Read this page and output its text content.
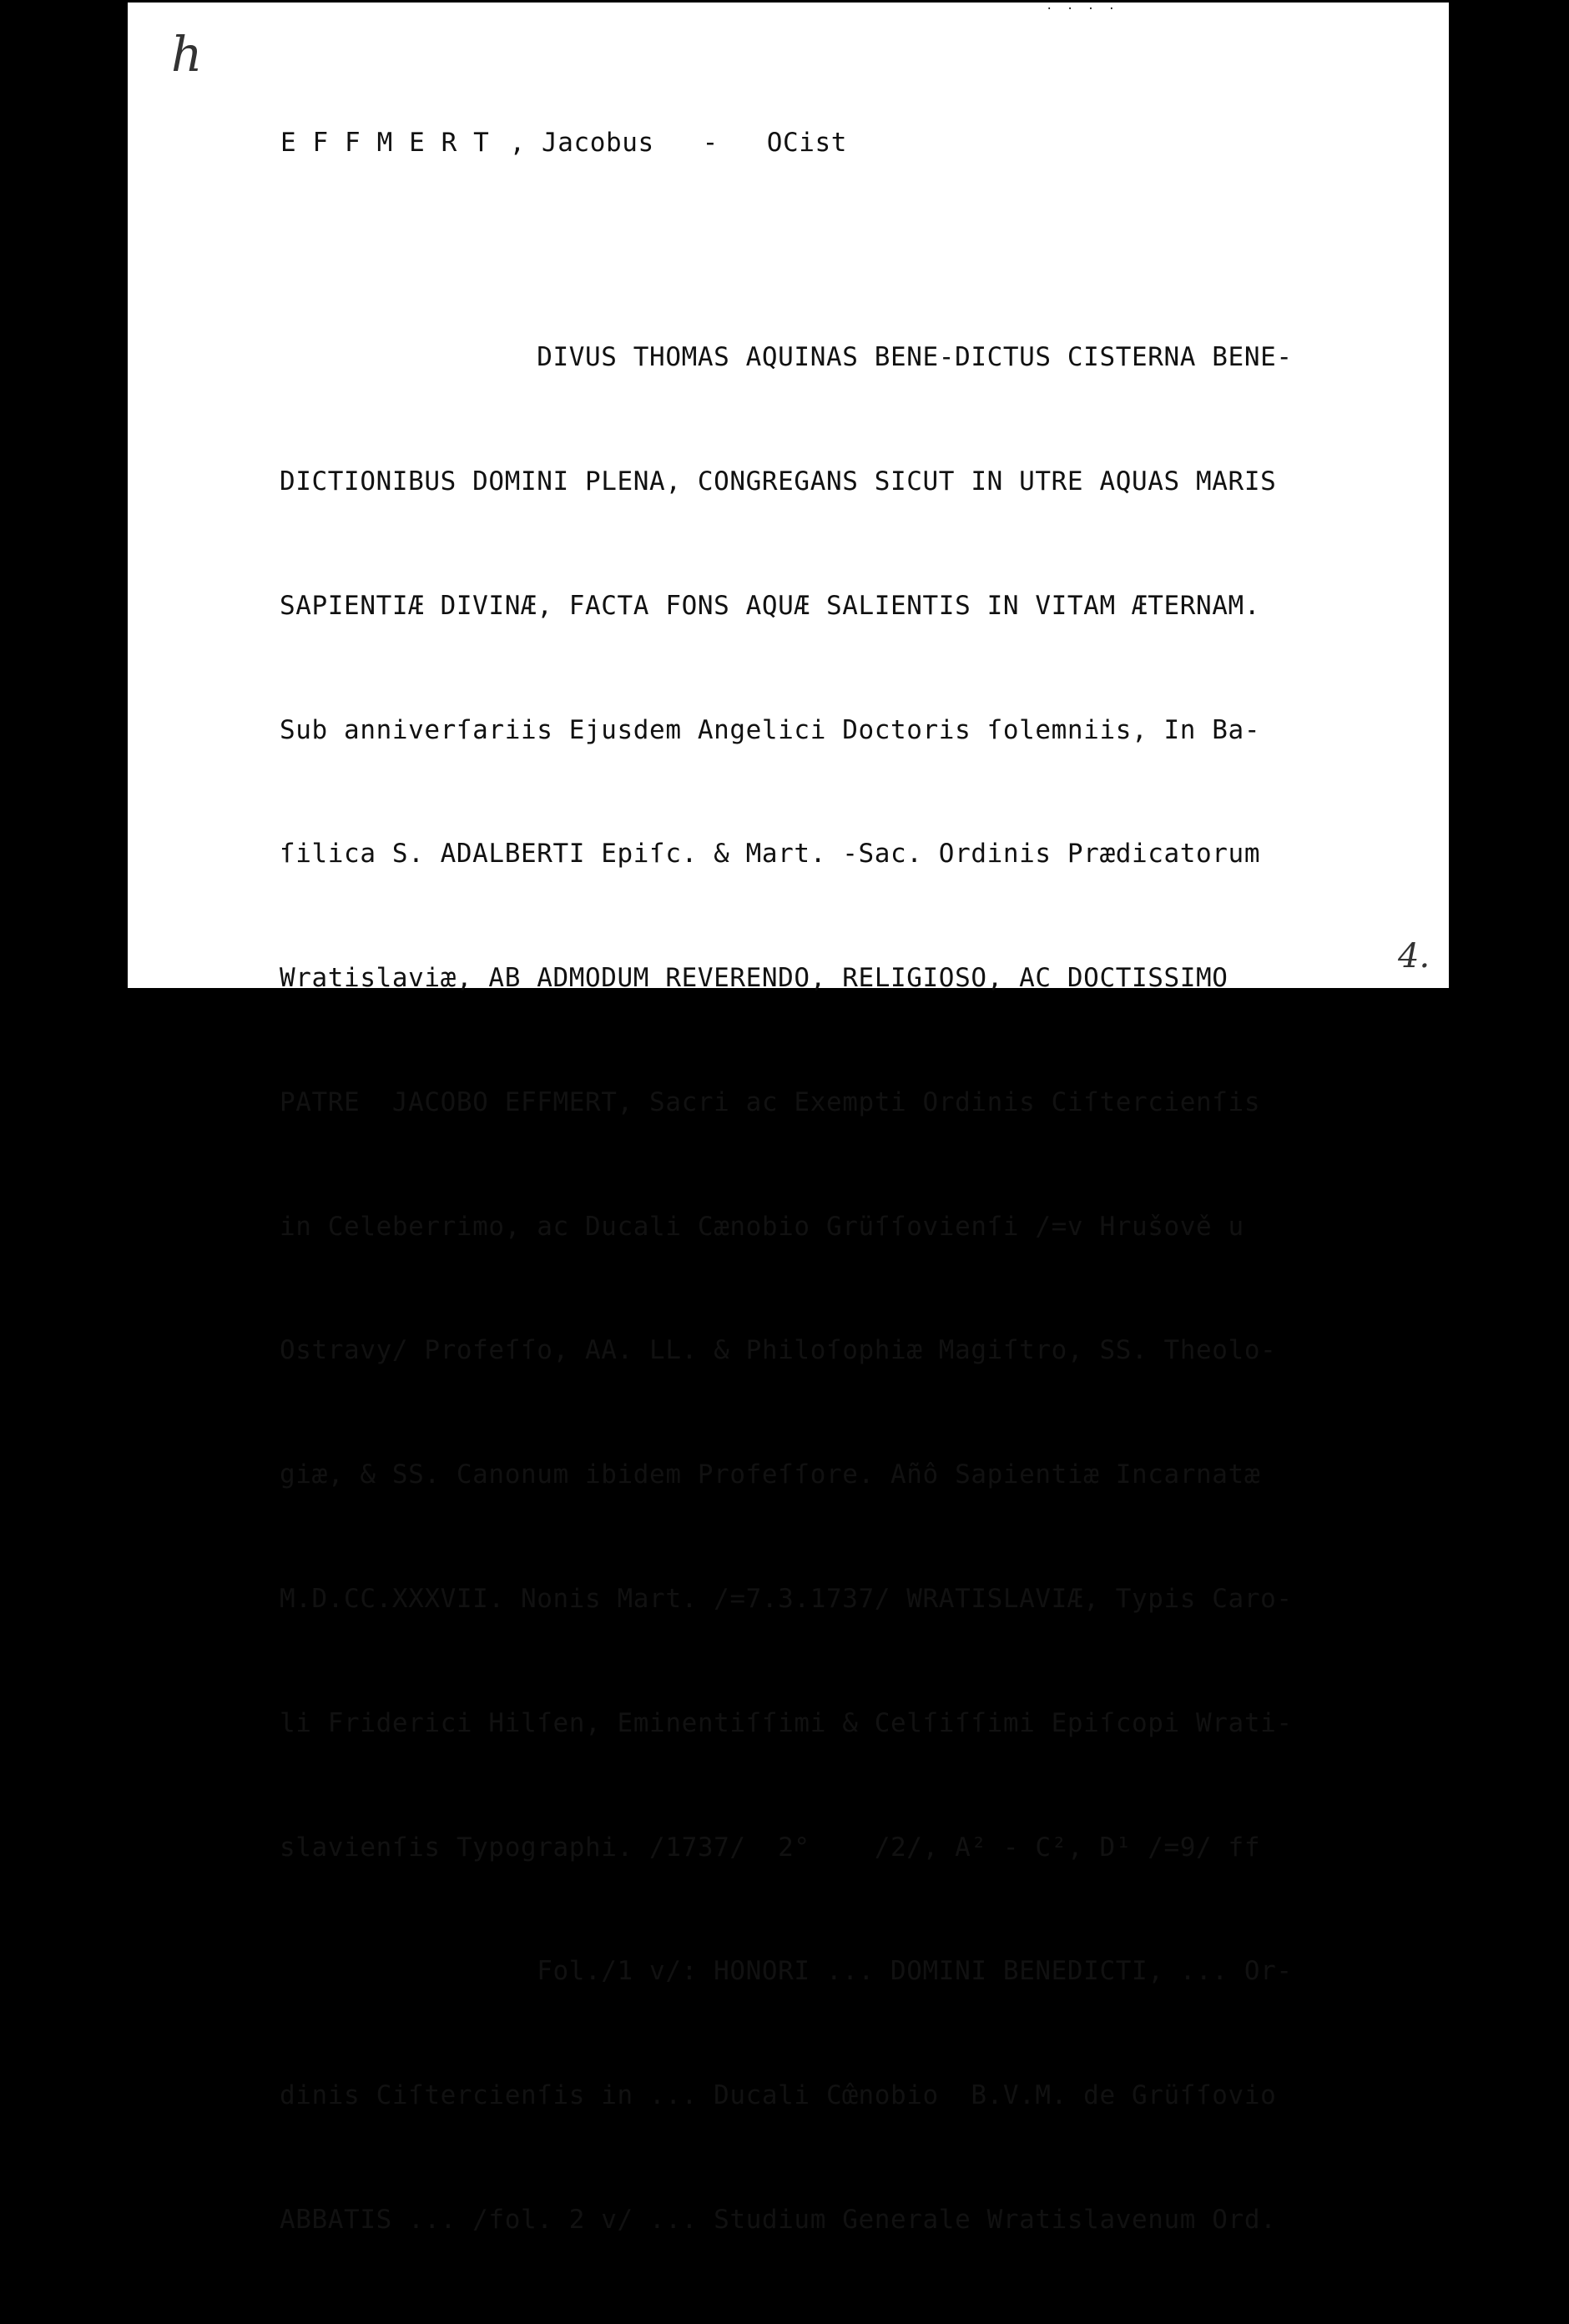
· · · ·
h
E F F M E R T , Jacobus - OCist

DIVUS THOMAS AQUINAS BENE-DICTUS CISTERNA BENE-

DICTIONIBUS DOMINI PLENA, CONGREGANS SICUT IN UTRE AQUAS MARIS

SAPIENTIÆ DIVINÆ, FACTA FONS AQUÆ SALIENTIS IN VITAM ÆTERNAM.

Sub anniverſariis Ejusdem Angelici Doctoris ſolemniis, In Ba-

ſilica S. ADALBERTI Epiſc. & Mart. -Sac. Ordinis Prædicatorum

Wratislaviæ, AB ADMODUM REVERENDO, RELIGIOSO, AC DOCTISSIMO

PATRE  JACOBO EFFMERT, Sacri ac Exempti Ordinis Ciſtercienſis

in Celeberrimo, ac Ducali Cænobio Grüſſovienſi /=v Hrušově u

Ostravy/ Profeſſo, AA. LL. & Philoſophiæ Magiſtro, SS. Theolo-

giæ, & SS. Canonum ibidem Profeſſore. Añô Sapientiæ Incarnatæ

M.D.CC.XXXVII. Nonis Mart. /=7.3.1737/ WRATISLAVIÆ, Typis Caro-

li Friderici Hilſen, Eminentiſſimi & Celſiſſimi Epiſcopi Wrati-

slavienſis Typographi. /1737/  2°    /2/, A² - C², D¹ /=9/ ff

Fol./1 v/: HONORI ... DOMINI BENEDICTI, ... Or-

dinis Ciſtercienſis in ... Ducali Cœ̂nobio  B.V.M. de Grüſſovio

ABBATIS ... /fol. 2 v/ ... Studium Generale Wratislavenum Ord.

4.
